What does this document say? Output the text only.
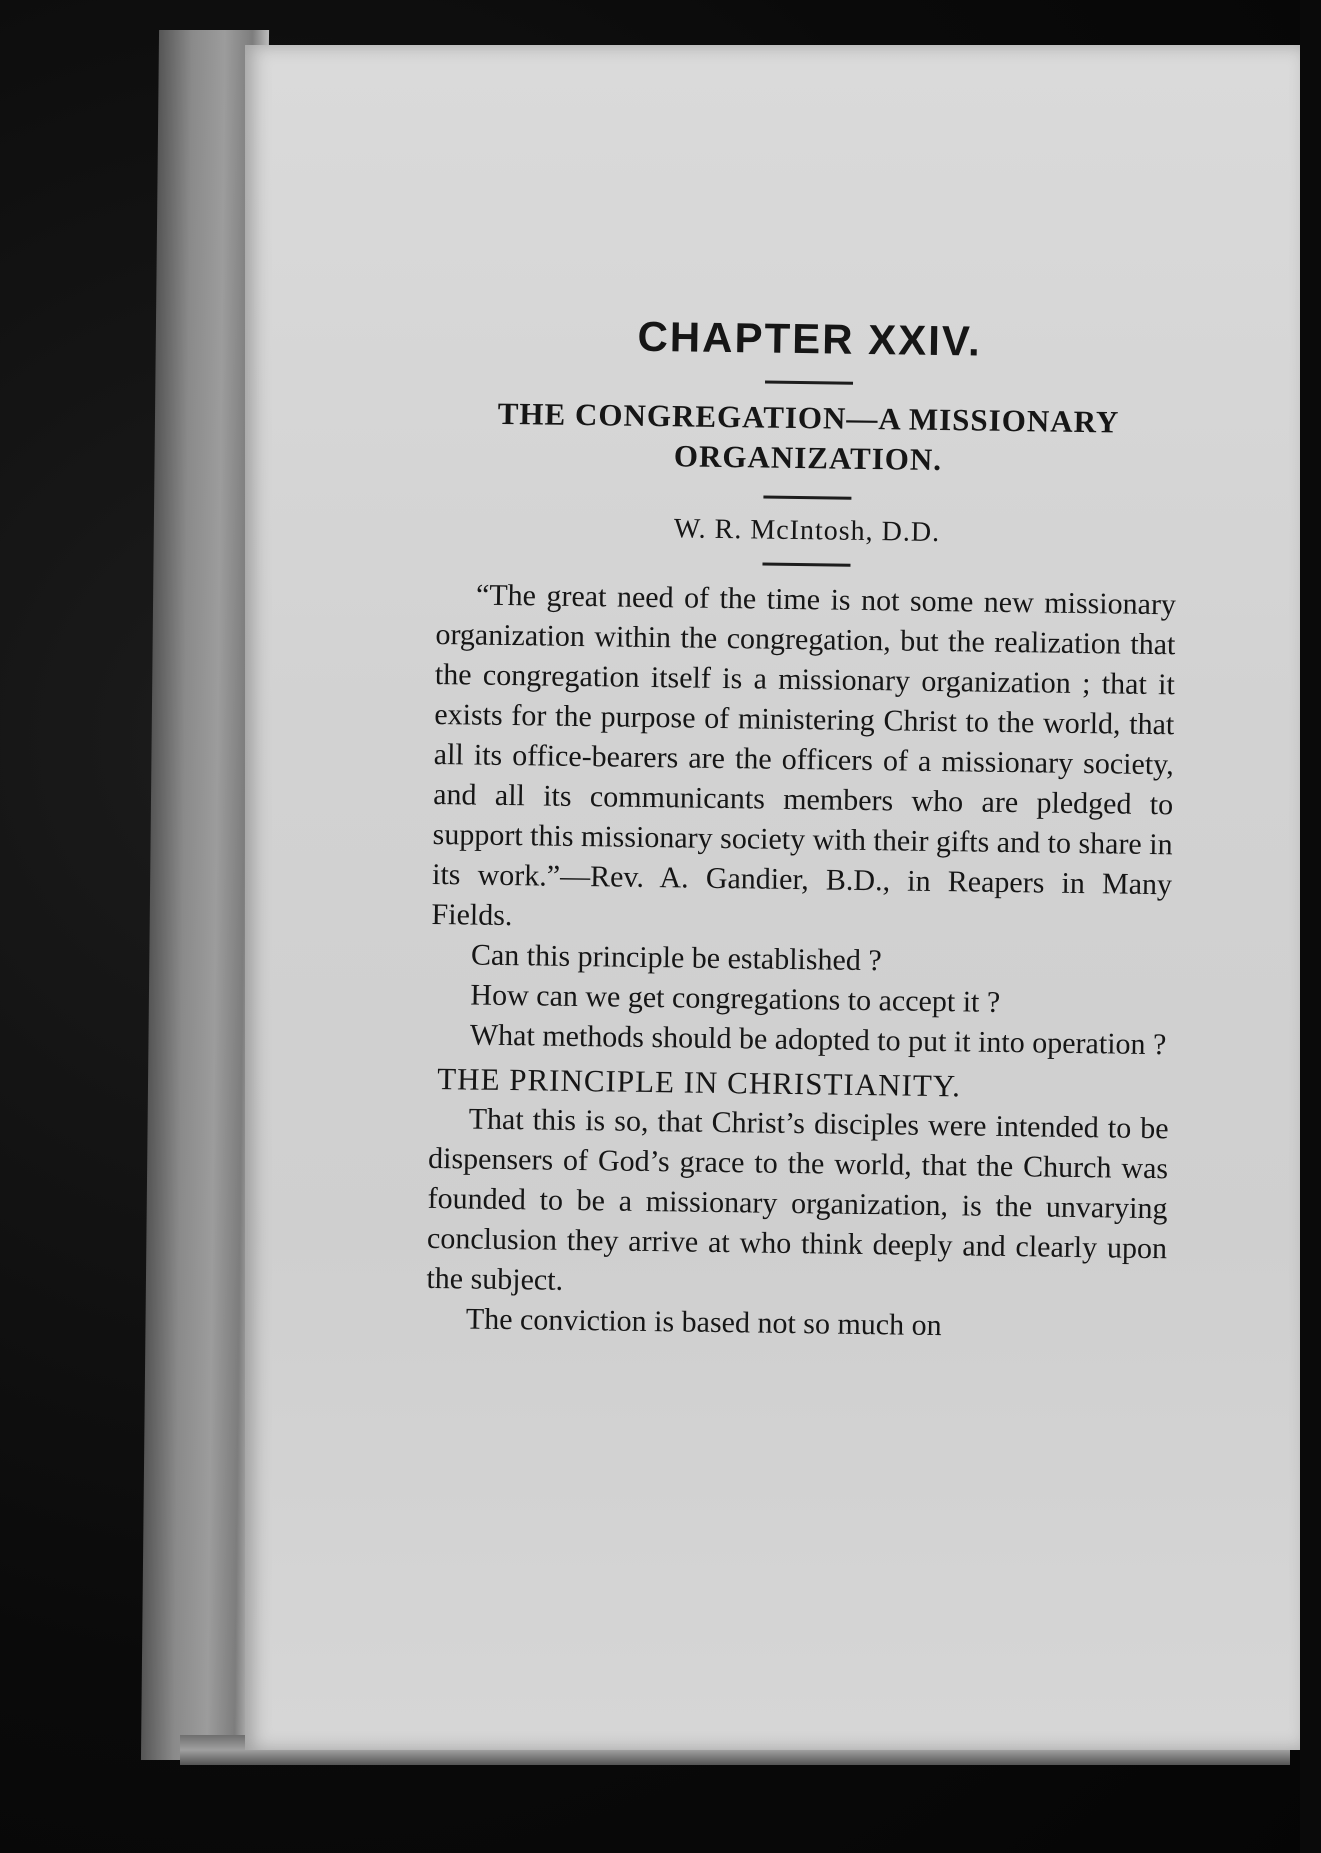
CHAPTER XXIV.
THE CONGREGATION—A MISSIONARY
ORGANIZATION.
W. R. McIntosh, D.D.

“The great need of the time is not some new missionary organization within the congregation, but the realization that the congregation itself is a missionary organization ; that it exists for the purpose of ministering Christ to the world, that all its office-bearers are the officers of a missionary society, and all its communicants members who are pledged to support this missionary society with their gifts and to share in its work.”—Rev. A. Gandier, B.D., in Reapers in Many Fields.

Can this principle be established ?

How can we get congregations to accept it ?

What methods should be adopted to put it into operation ?

THE PRINCIPLE IN CHRISTIANITY.

That this is so, that Christ’s disciples were intended to be dispensers of God’s grace to the world, that the Church was founded to be a missionary organization, is the unvarying conclusion they arrive at who think deeply and clearly upon the subject.

The conviction is based not so much on
